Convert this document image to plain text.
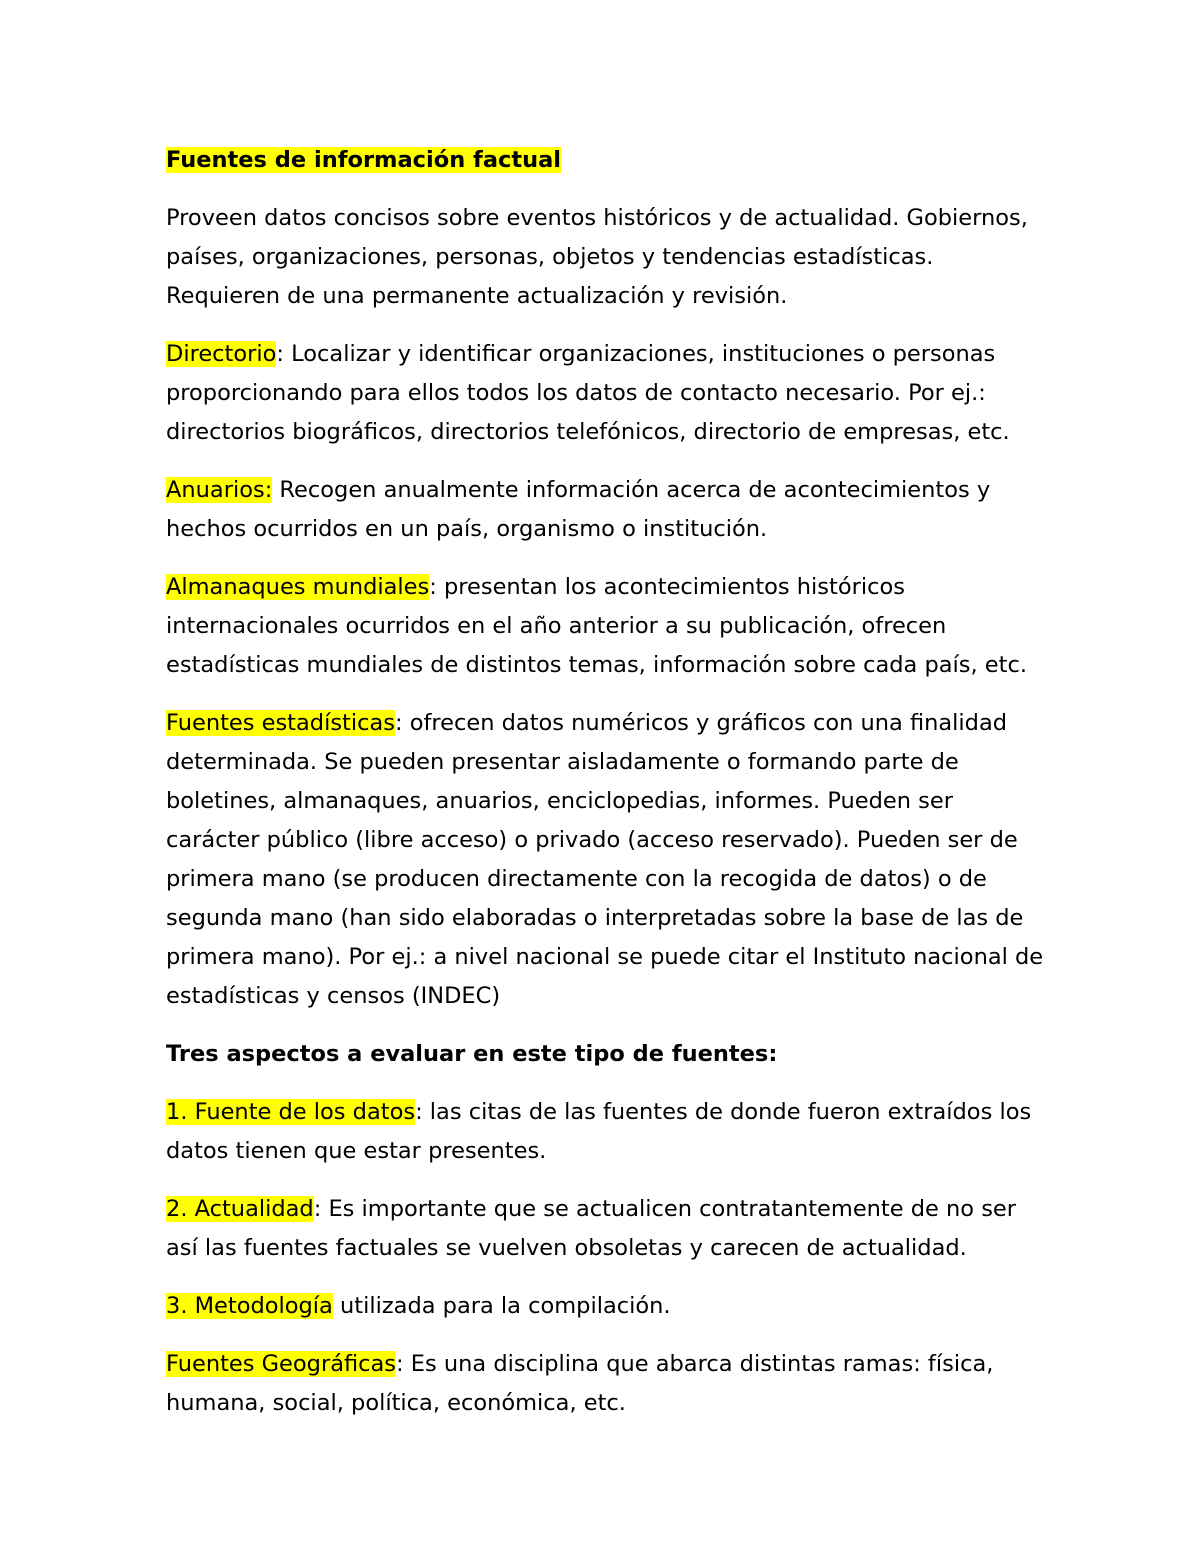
Fuentes de información factual

Proveen datos concisos sobre eventos históricos y de actualidad. Gobiernos, países, organizaciones, personas, objetos y tendencias estadísticas. Requieren de una permanente actualización y revisión.

Directorio: Localizar y identificar organizaciones, instituciones o personas proporcionando para ellos todos los datos de contacto necesario. Por ej.: directorios biográficos, directorios telefónicos, directorio de empresas, etc.

Anuarios: Recogen anualmente información acerca de acontecimientos y hechos ocurridos en un país, organismo o institución.

Almanaques mundiales: presentan los acontecimientos históricos internacionales ocurridos en el año anterior a su publicación, ofrecen estadísticas mundiales de distintos temas, información sobre cada país, etc.

Fuentes estadísticas: ofrecen datos numéricos y gráficos con una finalidad determinada. Se pueden presentar aisladamente o formando parte de boletines, almanaques, anuarios, enciclopedias, informes. Pueden ser carácter público (libre acceso) o privado (acceso reservado). Pueden ser de primera mano (se producen directamente con la recogida de datos) o de segunda mano (han sido elaboradas o interpretadas sobre la base de las de primera mano). Por ej.: a nivel nacional se puede citar el Instituto nacional de estadísticas y censos (INDEC)

Tres aspectos a evaluar en este tipo de fuentes:

1. Fuente de los datos: las citas de las fuentes de donde fueron extraídos los datos tienen que estar presentes.

2. Actualidad: Es importante que se actualicen contratantemente de no ser así las fuentes factuales se vuelven obsoletas y carecen de actualidad.

3. Metodología utilizada para la compilación.

Fuentes Geográficas: Es una disciplina que abarca distintas ramas: física, humana, social, política, económica, etc.
